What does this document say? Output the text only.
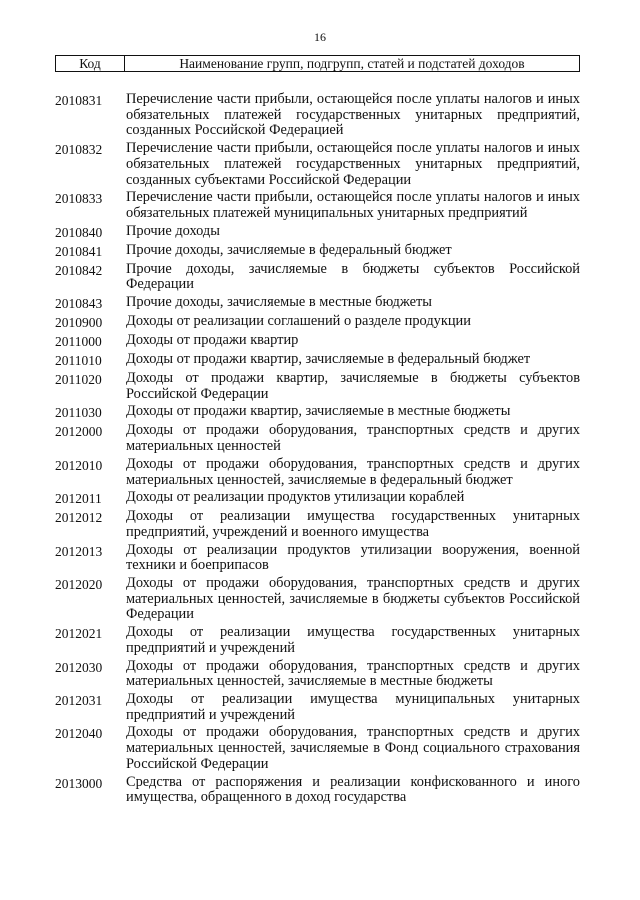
16
Код	Наименование групп, подгрупп, статей и подстатей доходов
2010831	Перечисление части прибыли, остающейся после уплаты налогов и иных обязательных платежей государственных унитарных предприятий, созданных Российской Федерацией
2010832	Перечисление части прибыли, остающейся после уплаты налогов и иных обязательных платежей государственных унитарных предприятий, созданных субъектами Российской Федерации
2010833	Перечисление части прибыли, остающейся после уплаты налогов и иных обязательных платежей муниципальных унитарных предприятий
2010840	Прочие доходы
2010841	Прочие доходы, зачисляемые в федеральный бюджет
2010842	Прочие доходы, зачисляемые в бюджеты субъектов Российской Федерации
2010843	Прочие доходы, зачисляемые в местные бюджеты
2010900	Доходы от реализации соглашений о разделе продукции
2011000	Доходы от продажи квартир
2011010	Доходы от продажи квартир, зачисляемые в федеральный бюджет
2011020	Доходы от продажи квартир, зачисляемые в бюджеты субъектов Российской Федерации
2011030	Доходы от продажи квартир, зачисляемые в местные бюджеты
2012000	Доходы от продажи оборудования, транспортных средств и других материальных ценностей
2012010	Доходы от продажи оборудования, транспортных средств и других материальных ценностей, зачисляемые в федеральный бюджет
2012011	Доходы от реализации продуктов утилизации кораблей
2012012	Доходы от реализации имущества государственных унитарных предприятий, учреждений и военного имущества
2012013	Доходы от реализации продуктов утилизации вооружения, военной техники и боеприпасов
2012020	Доходы от продажи оборудования, транспортных средств и других материальных ценностей, зачисляемые в бюджеты субъектов Российской Федерации
2012021	Доходы от реализации имущества государственных унитарных предприятий и учреждений
2012030	Доходы от продажи оборудования, транспортных средств и других материальных ценностей, зачисляемые в местные бюджеты
2012031	Доходы от реализации имущества муниципальных унитарных предприятий и учреждений
2012040	Доходы от продажи оборудования, транспортных средств и других материальных ценностей, зачисляемые в Фонд социального страхования Российской Федерации
2013000	Средства от распоряжения и реализации конфискованного и иного имущества, обращенного в доход государства
